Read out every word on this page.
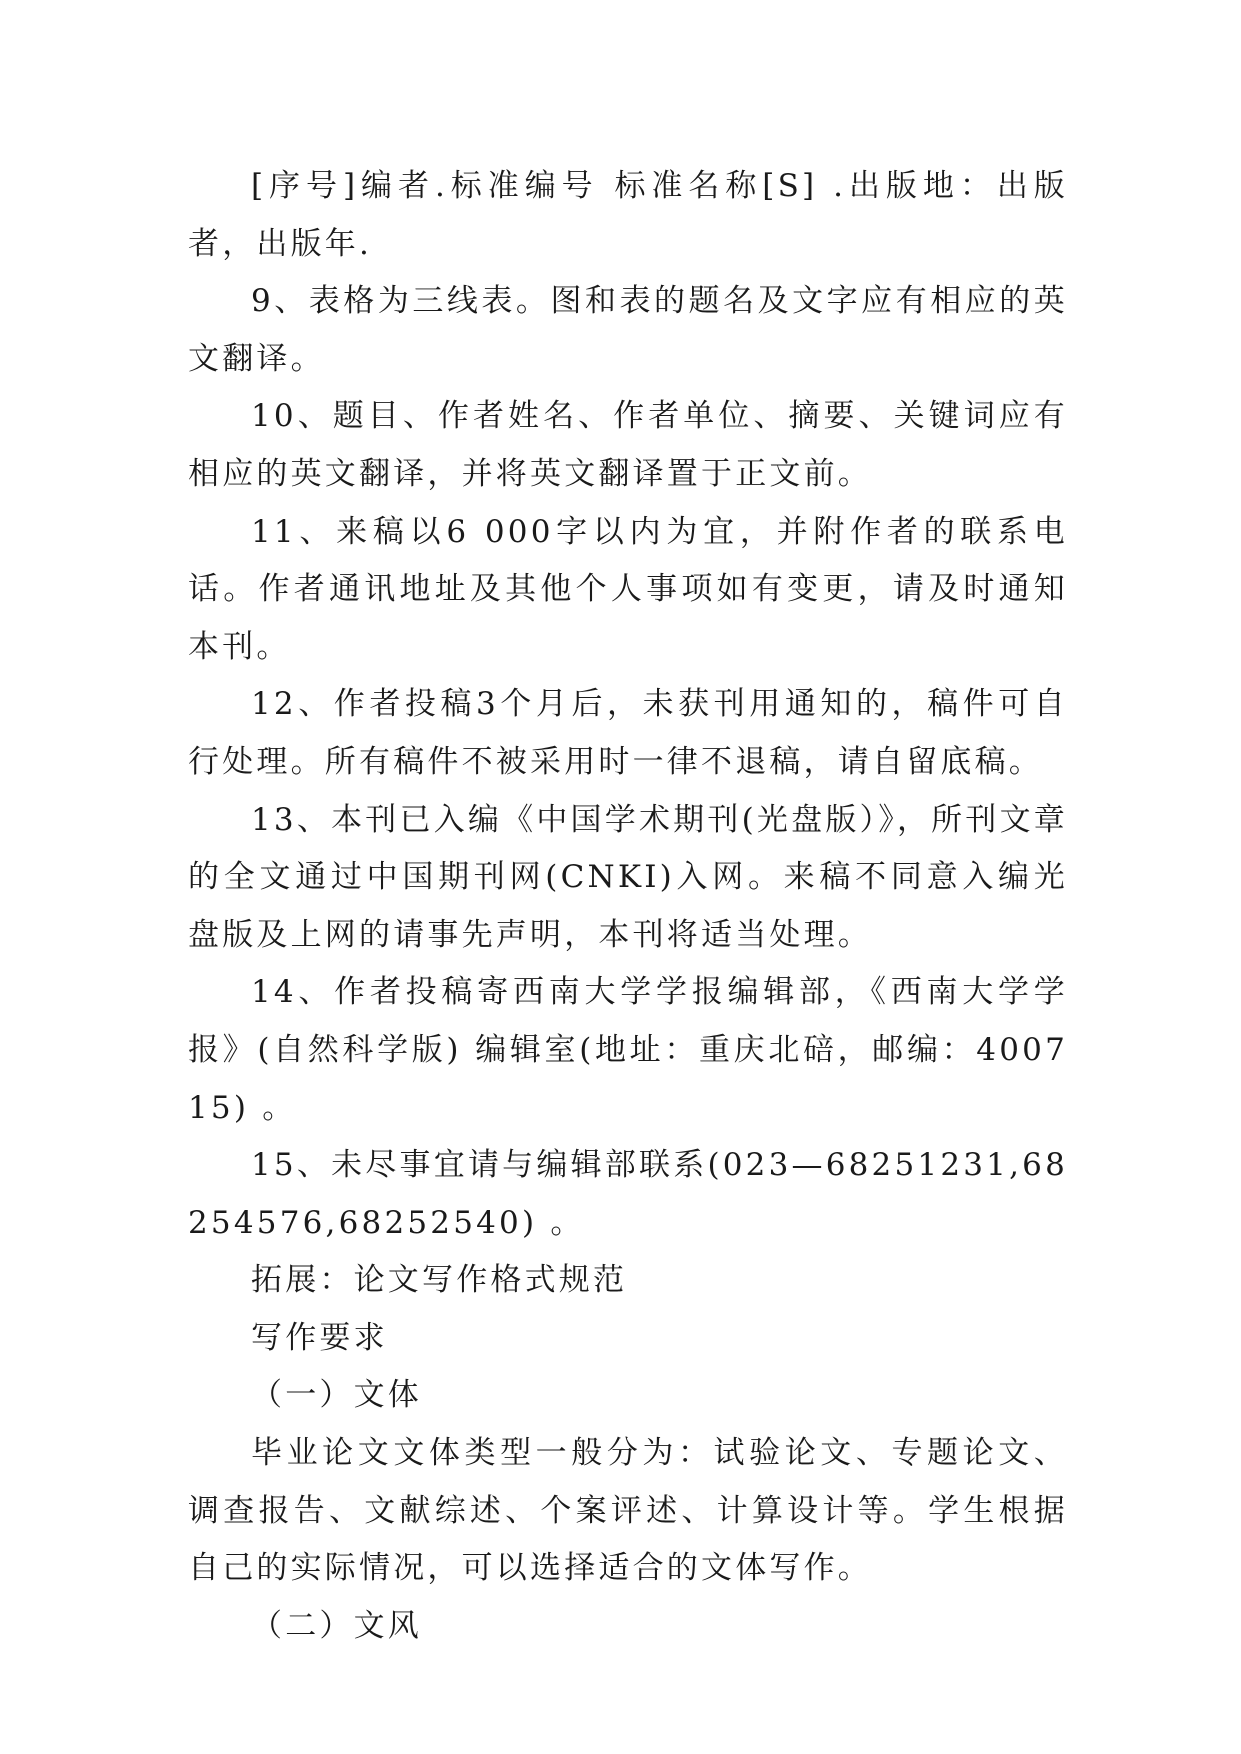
[序号]编者.标准编号 标准名称[S] .出版地：出版者，出版年.

9、表格为三线表。图和表的题名及文字应有相应的英文翻译。

10、题目、作者姓名、作者单位、摘要、关键词应有相应的英文翻译，并将英文翻译置于正文前。

11、来稿以6 000字以内为宜，并附作者的联系电话。作者通讯地址及其他个人事项如有变更，请及时通知本刊。

12、作者投稿3个月后，未获刊用通知的，稿件可自行处理。所有稿件不被采用时一律不退稿，请自留底稿。

13、本刊已入编《中国学术期刊(光盘版）》，所刊文章的全文通过中国期刊网(CNKI)入网。来稿不同意入编光盘版及上网的请事先声明，本刊将适当处理。

14、作者投稿寄西南大学学报编辑部，《西南大学学报》(自然科学版) 编辑室(地址：重庆北碚，邮编：400715) 。

15、未尽事宜请与编辑部联系(023—68251231,68254576,68252540) 。

拓展：论文写作格式规范

写作要求

（一）文体

毕业论文文体类型一般分为：试验论文、专题论文、调查报告、文献综述、个案评述、计算设计等。学生根据自己的实际情况，可以选择适合的文体写作。

（二）文风
